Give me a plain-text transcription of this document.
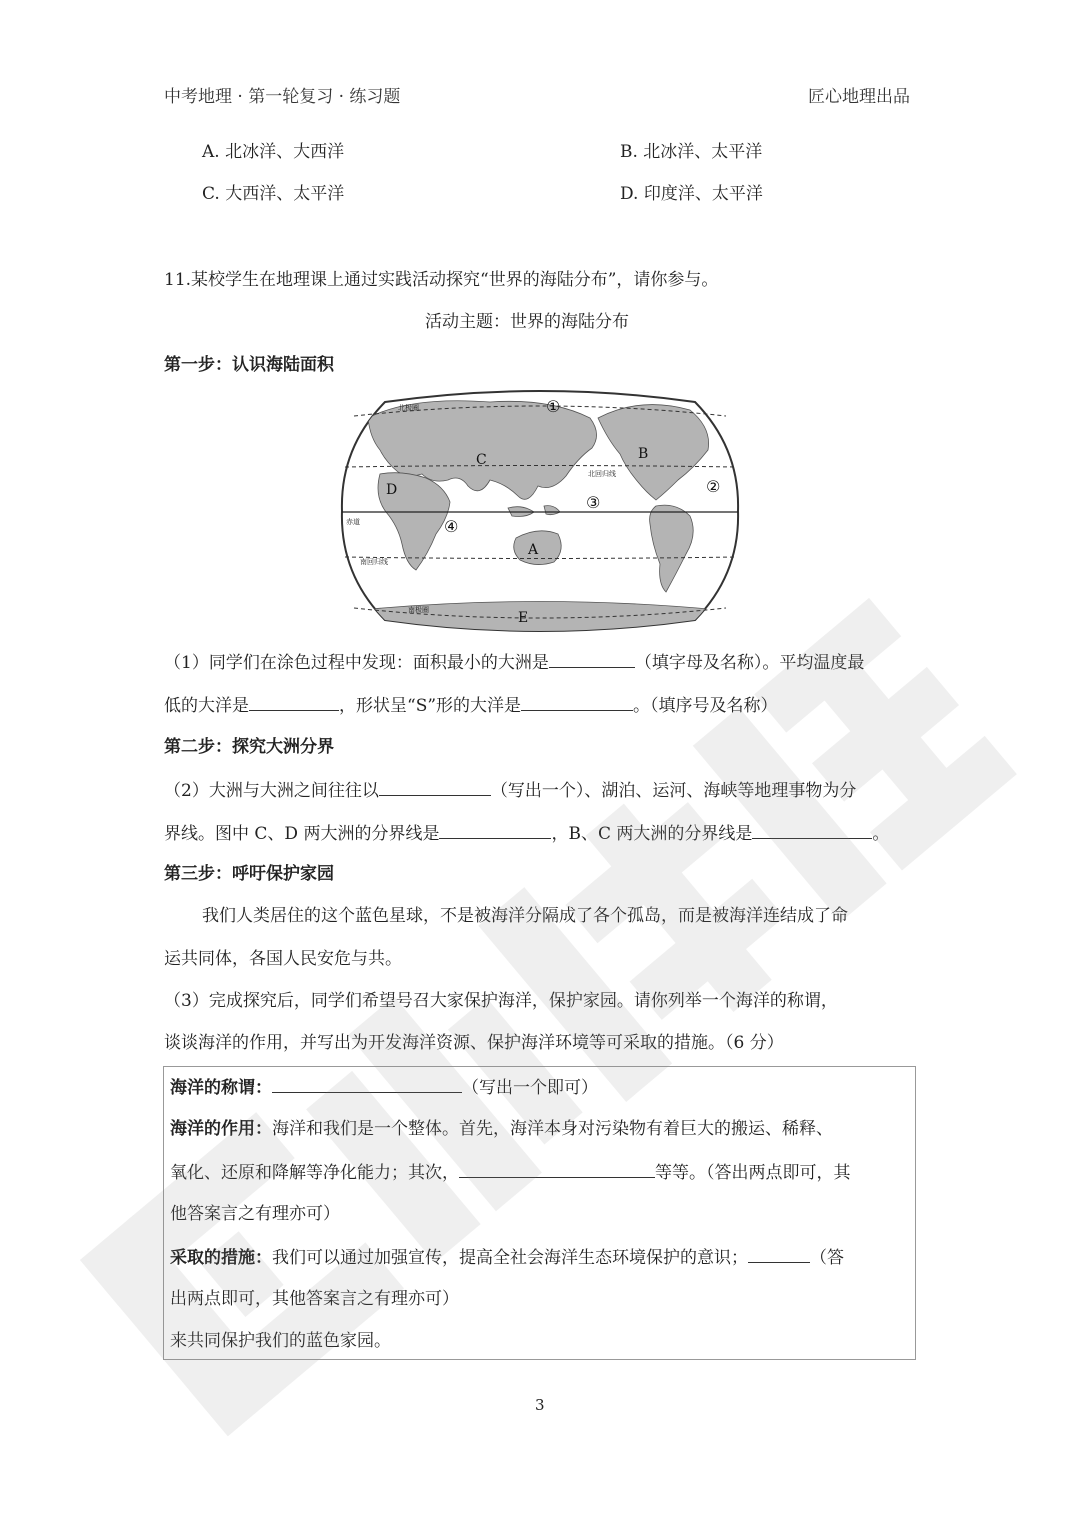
中考地理 · 第一轮复习 · 练习题	匠心地理出品
A. 北冰洋、大西洋	B. 北冰洋、太平洋
C. 大西洋、太平洋	D. 印度洋、太平洋
11.某校学生在地理课上通过实践活动探究“世界的海陆分布”，请你参与。
活动主题：世界的海陆分布
第一步：认识海陆面积
北极圈
北回归线
赤道
南回归线
南极圈
A
B
C
D
E
①
②
③
④
（1）同学们在涂色过程中发现：面积最小的大洲是	（填字母及名称）。平均温度最
低的大洋是	，形状呈“S”形的大洋是	。（填序号及名称）
第二步：探究大洲分界
（2）大洲与大洲之间往往以	（写出一个）、湖泊、运河、海峡等地理事物为分
界线。图中 C、D 两大洲的分界线是	，B、C 两大洲的分界线是	。
第三步：呼吁保护家园
我们人类居住的这个蓝色星球，不是被海洋分隔成了各个孤岛，而是被海洋连结成了命
运共同体，各国人民安危与共。
（3）完成探究后，同学们希望号召大家保护海洋，保护家园。请你列举一个海洋的称谓，
谈谈海洋的作用，并写出为开发海洋资源、保护海洋环境等可采取的措施。（6 分）
海洋的称谓：	（写出一个即可）
海洋的作用：海洋和我们是一个整体。首先，海洋本身对污染物有着巨大的搬运、稀释、
氧化、还原和降解等净化能力；其次，	等等。（答出两点即可，其
他答案言之有理亦可）
采取的措施：我们可以通过加强宣传，提高全社会海洋生态环境保护的意识；	（答
出两点即可，其他答案言之有理亦可）
来共同保护我们的蓝色家园。
3
